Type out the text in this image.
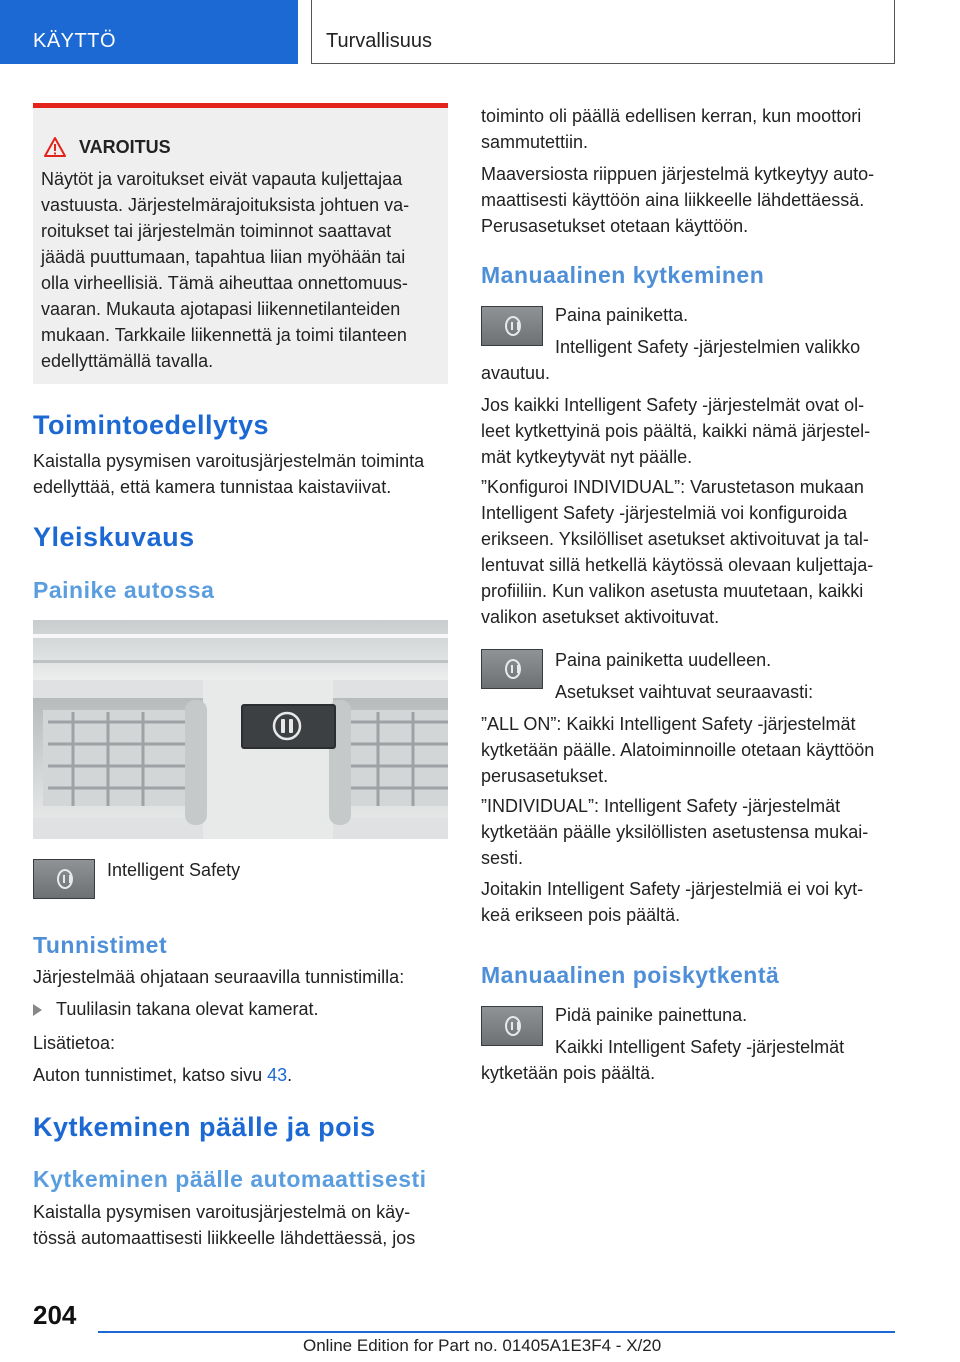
KÄYTTÖ	Turvallisuus
VAROITUS
Näytöt ja varoitukset eivät vapauta kuljettajaa
vastuusta. Järjestelmärajoituksista johtuen va-
roitukset tai järjestelmän toiminnot saattavat
jäädä puuttumaan, tapahtua liian myöhään tai
olla virheellisiä. Tämä aiheuttaa onnettomuus-
vaaran. Mukauta ajotapasi liikennetilanteiden
mukaan. Tarkkaile liikennettä ja toimi tilanteen
edellyttämällä tavalla.
Toimintoedellytys
Kaistalla pysymisen varoitusjärjestelmän toiminta
edellyttää, että kamera tunnistaa kaistaviivat.
Yleiskuvaus
Painike autossa
Intelligent Safety
Tunnistimet
Järjestelmää ohjataan seuraavilla tunnistimilla:
Tuulilasin takana olevat kamerat.
Lisätietoa:
Auton tunnistimet, katso sivu 43.
Kytkeminen päälle ja pois
Kytkeminen päälle automaattisesti
Kaistalla pysymisen varoitusjärjestelmä on käy-
tössä automaattisesti liikkeelle lähdettäessä, jos
toiminto oli päällä edellisen kerran, kun moottori
sammutettiin.
Maaversiosta riippuen järjestelmä kytkeytyy auto-
maattisesti käyttöön aina liikkeelle lähdettäessä.
Perusasetukset otetaan käyttöön.
Manuaalinen kytkeminen
Paina painiketta.
Intelligent Safety -järjestelmien valikko
avautuu.
Jos kaikki Intelligent Safety -järjestelmät ovat ol-
leet kytkettyinä pois päältä, kaikki nämä järjestel-
mät kytkeytyvät nyt päälle.
”Konfiguroi INDIVIDUAL”: Varustetason mukaan
Intelligent Safety -järjestelmiä voi konfiguroida
erikseen. Yksilölliset asetukset aktivoituvat ja tal-
lentuvat sillä hetkellä käytössä olevaan kuljettaja-
profiiliin. Kun valikon asetusta muutetaan, kaikki
valikon asetukset aktivoituvat.
Paina painiketta uudelleen.
Asetukset vaihtuvat seuraavasti:
”ALL ON”: Kaikki Intelligent Safety -järjestelmät
kytketään päälle. Alatoiminnoille otetaan käyttöön
perusasetukset.
”INDIVIDUAL”: Intelligent Safety -järjestelmät
kytketään päälle yksilöllisten asetustensa mukai-
sesti.
Joitakin Intelligent Safety -järjestelmiä ei voi kyt-
keä erikseen pois päältä.
Manuaalinen poiskytkentä
Pidä painike painettuna.
Kaikki Intelligent Safety -järjestelmät
kytketään pois päältä.
204
Online Edition for Part no. 01405A1E3F4 - X/20
